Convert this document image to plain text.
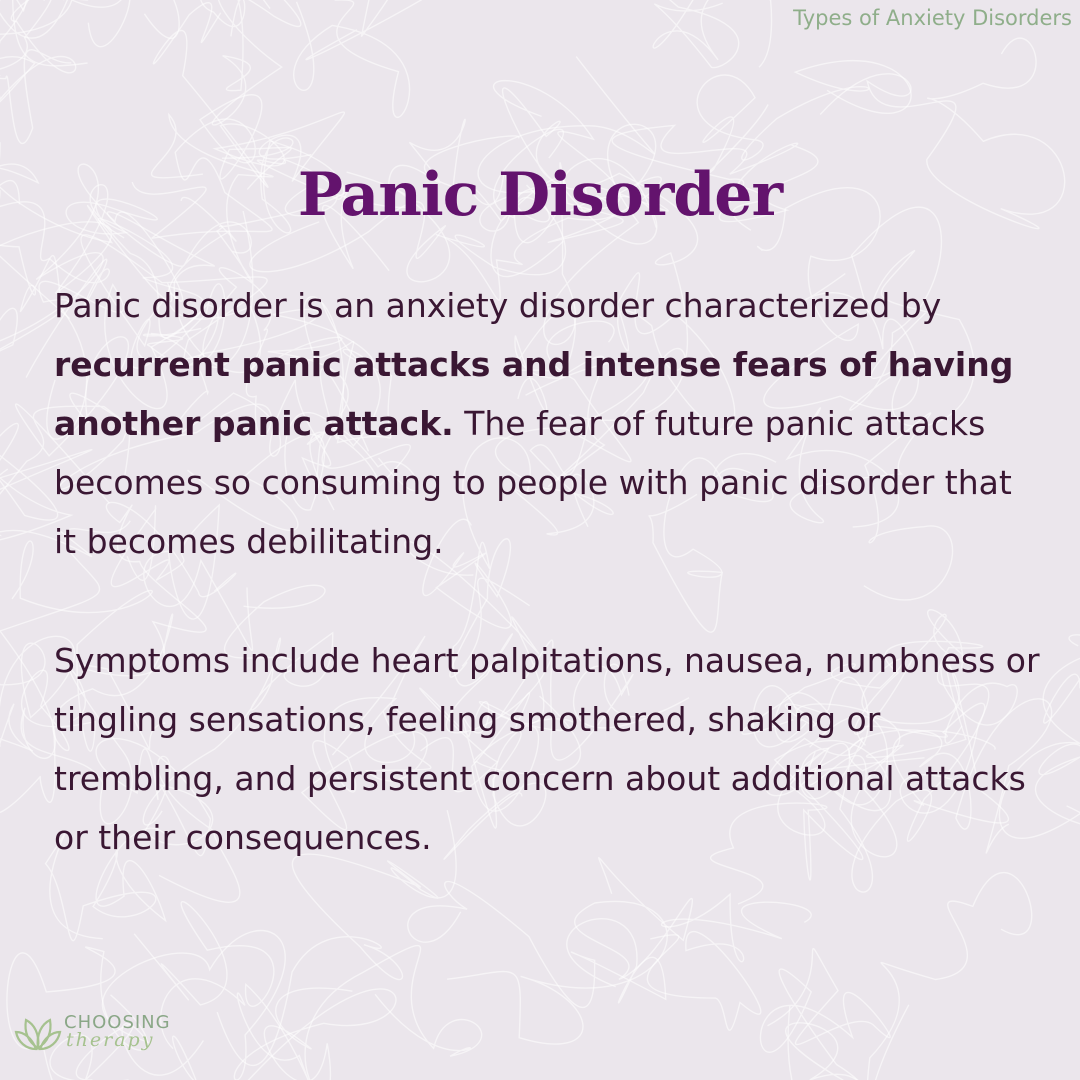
Types of Anxiety Disorders
Panic Disorder

Panic disorder is an anxiety disorder characterized by recurrent panic attacks and intense fears of having another panic attack. The fear of future panic attacks becomes so consuming to people with panic disorder that it becomes debilitating.

Symptoms include heart palpitations, nausea, numbness or tingling sensations, feeling smothered, shaking or trembling, and persistent concern about additional attacks or their consequences.

CHOOSING
therapy
